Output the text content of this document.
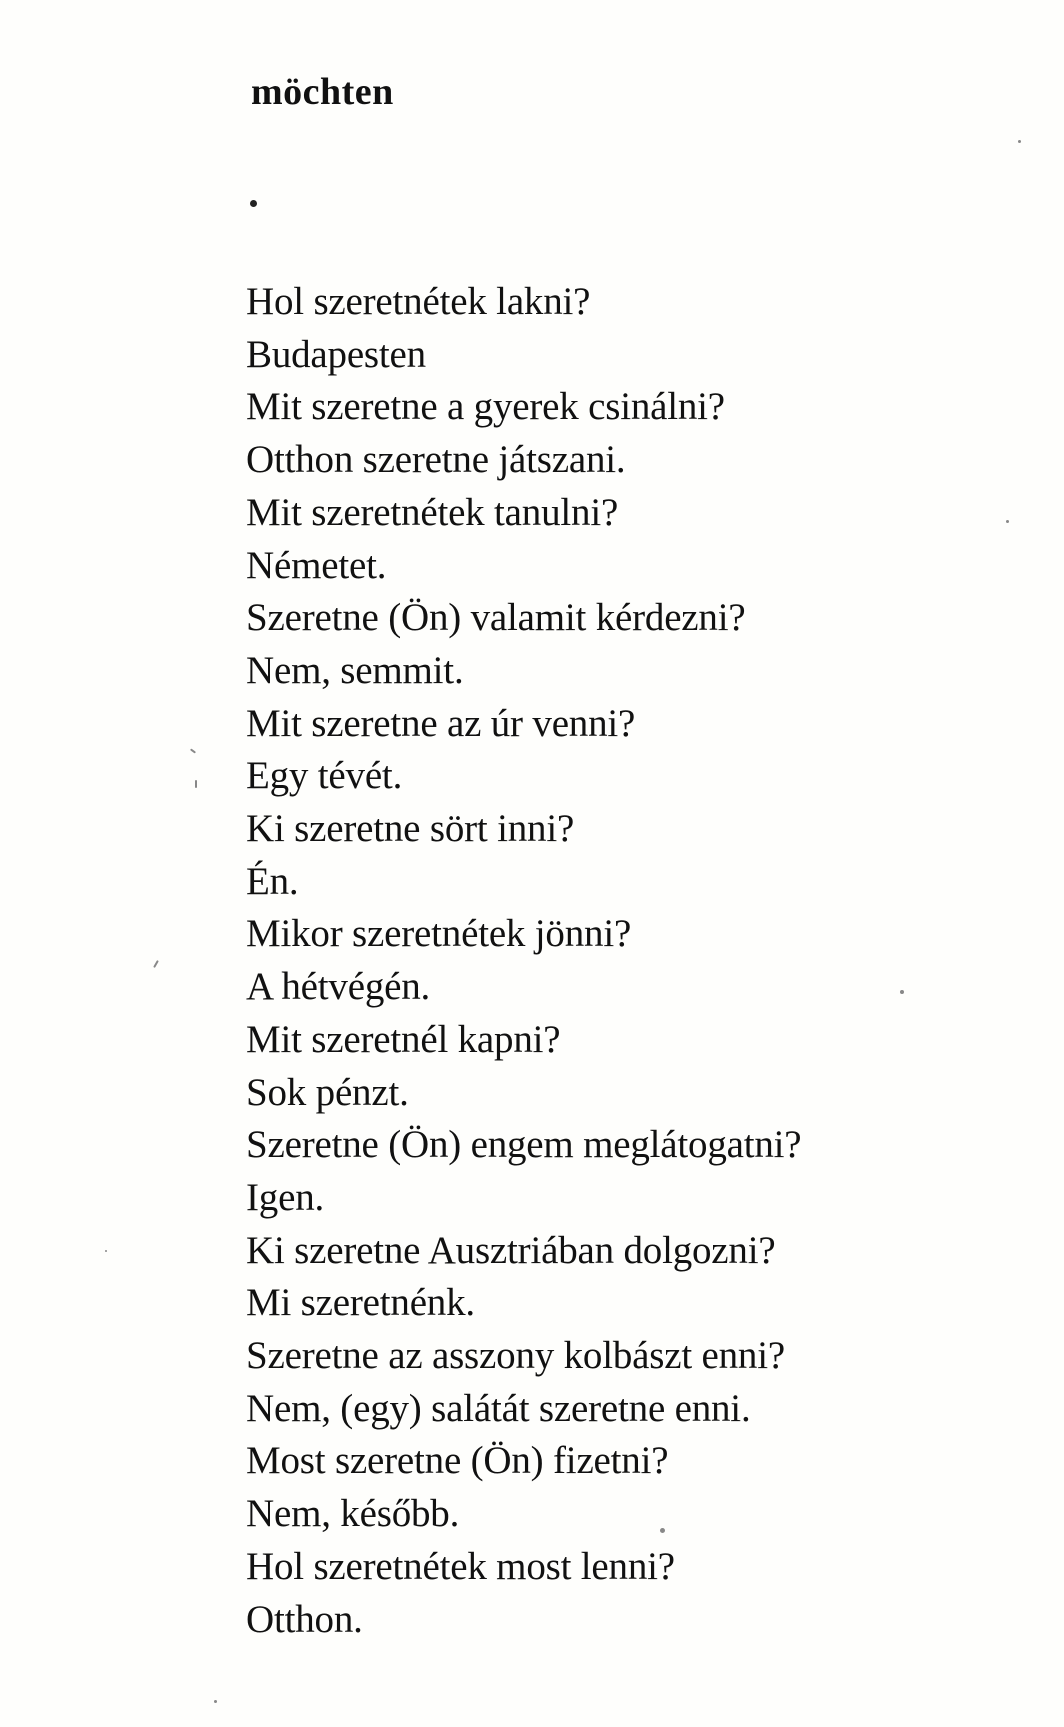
möchten
Hol szeretnétek lakni?
Budapesten
Mit szeretne a gyerek csinálni?
Otthon szeretne játszani.
Mit szeretnétek tanulni?
Németet.
Szeretne (Ön) valamit kérdezni?
Nem, semmit.
Mit szeretne az úr venni?
Egy tévét.
Ki szeretne sört inni?
Én.
Mikor szeretnétek jönni?
A hétvégén.
Mit szeretnél kapni?
Sok pénzt.
Szeretne (Ön) engem meglátogatni?
Igen.
Ki szeretne Ausztriában dolgozni?
Mi szeretnénk.
Szeretne az asszony kolbászt enni?
Nem, (egy) salátát szeretne enni.
Most szeretne (Ön) fizetni?
Nem, később.
Hol szeretnétek most lenni?
Otthon.
